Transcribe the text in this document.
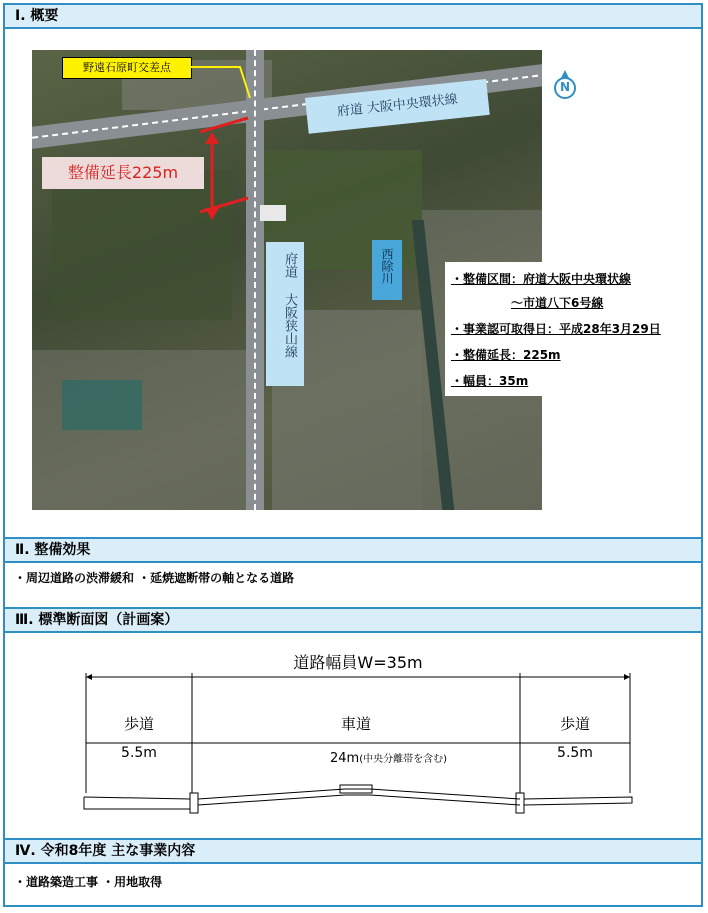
Ⅰ. 概要
野遠石原町交差点
N
府道 大阪中央環状線
整備延長225m
府道 大阪狭山線	西除川	・整備区間：府道大阪中央環状線
～市道八下6号線
・事業認可取得日：平成28年3月29日
・整備延長：225m
・幅員：35m
Ⅱ. 整備効果
・周辺道路の渋滞緩和 ・延焼遮断帯の軸となる道路
Ⅲ. 標準断面図（計画案）
道路幅員W=35m
歩道
5.5m
車道
24m(中央分離帯を含む)
歩道
5.5m
Ⅳ. 令和8年度 主な事業内容
・道路築造工事 ・用地取得
